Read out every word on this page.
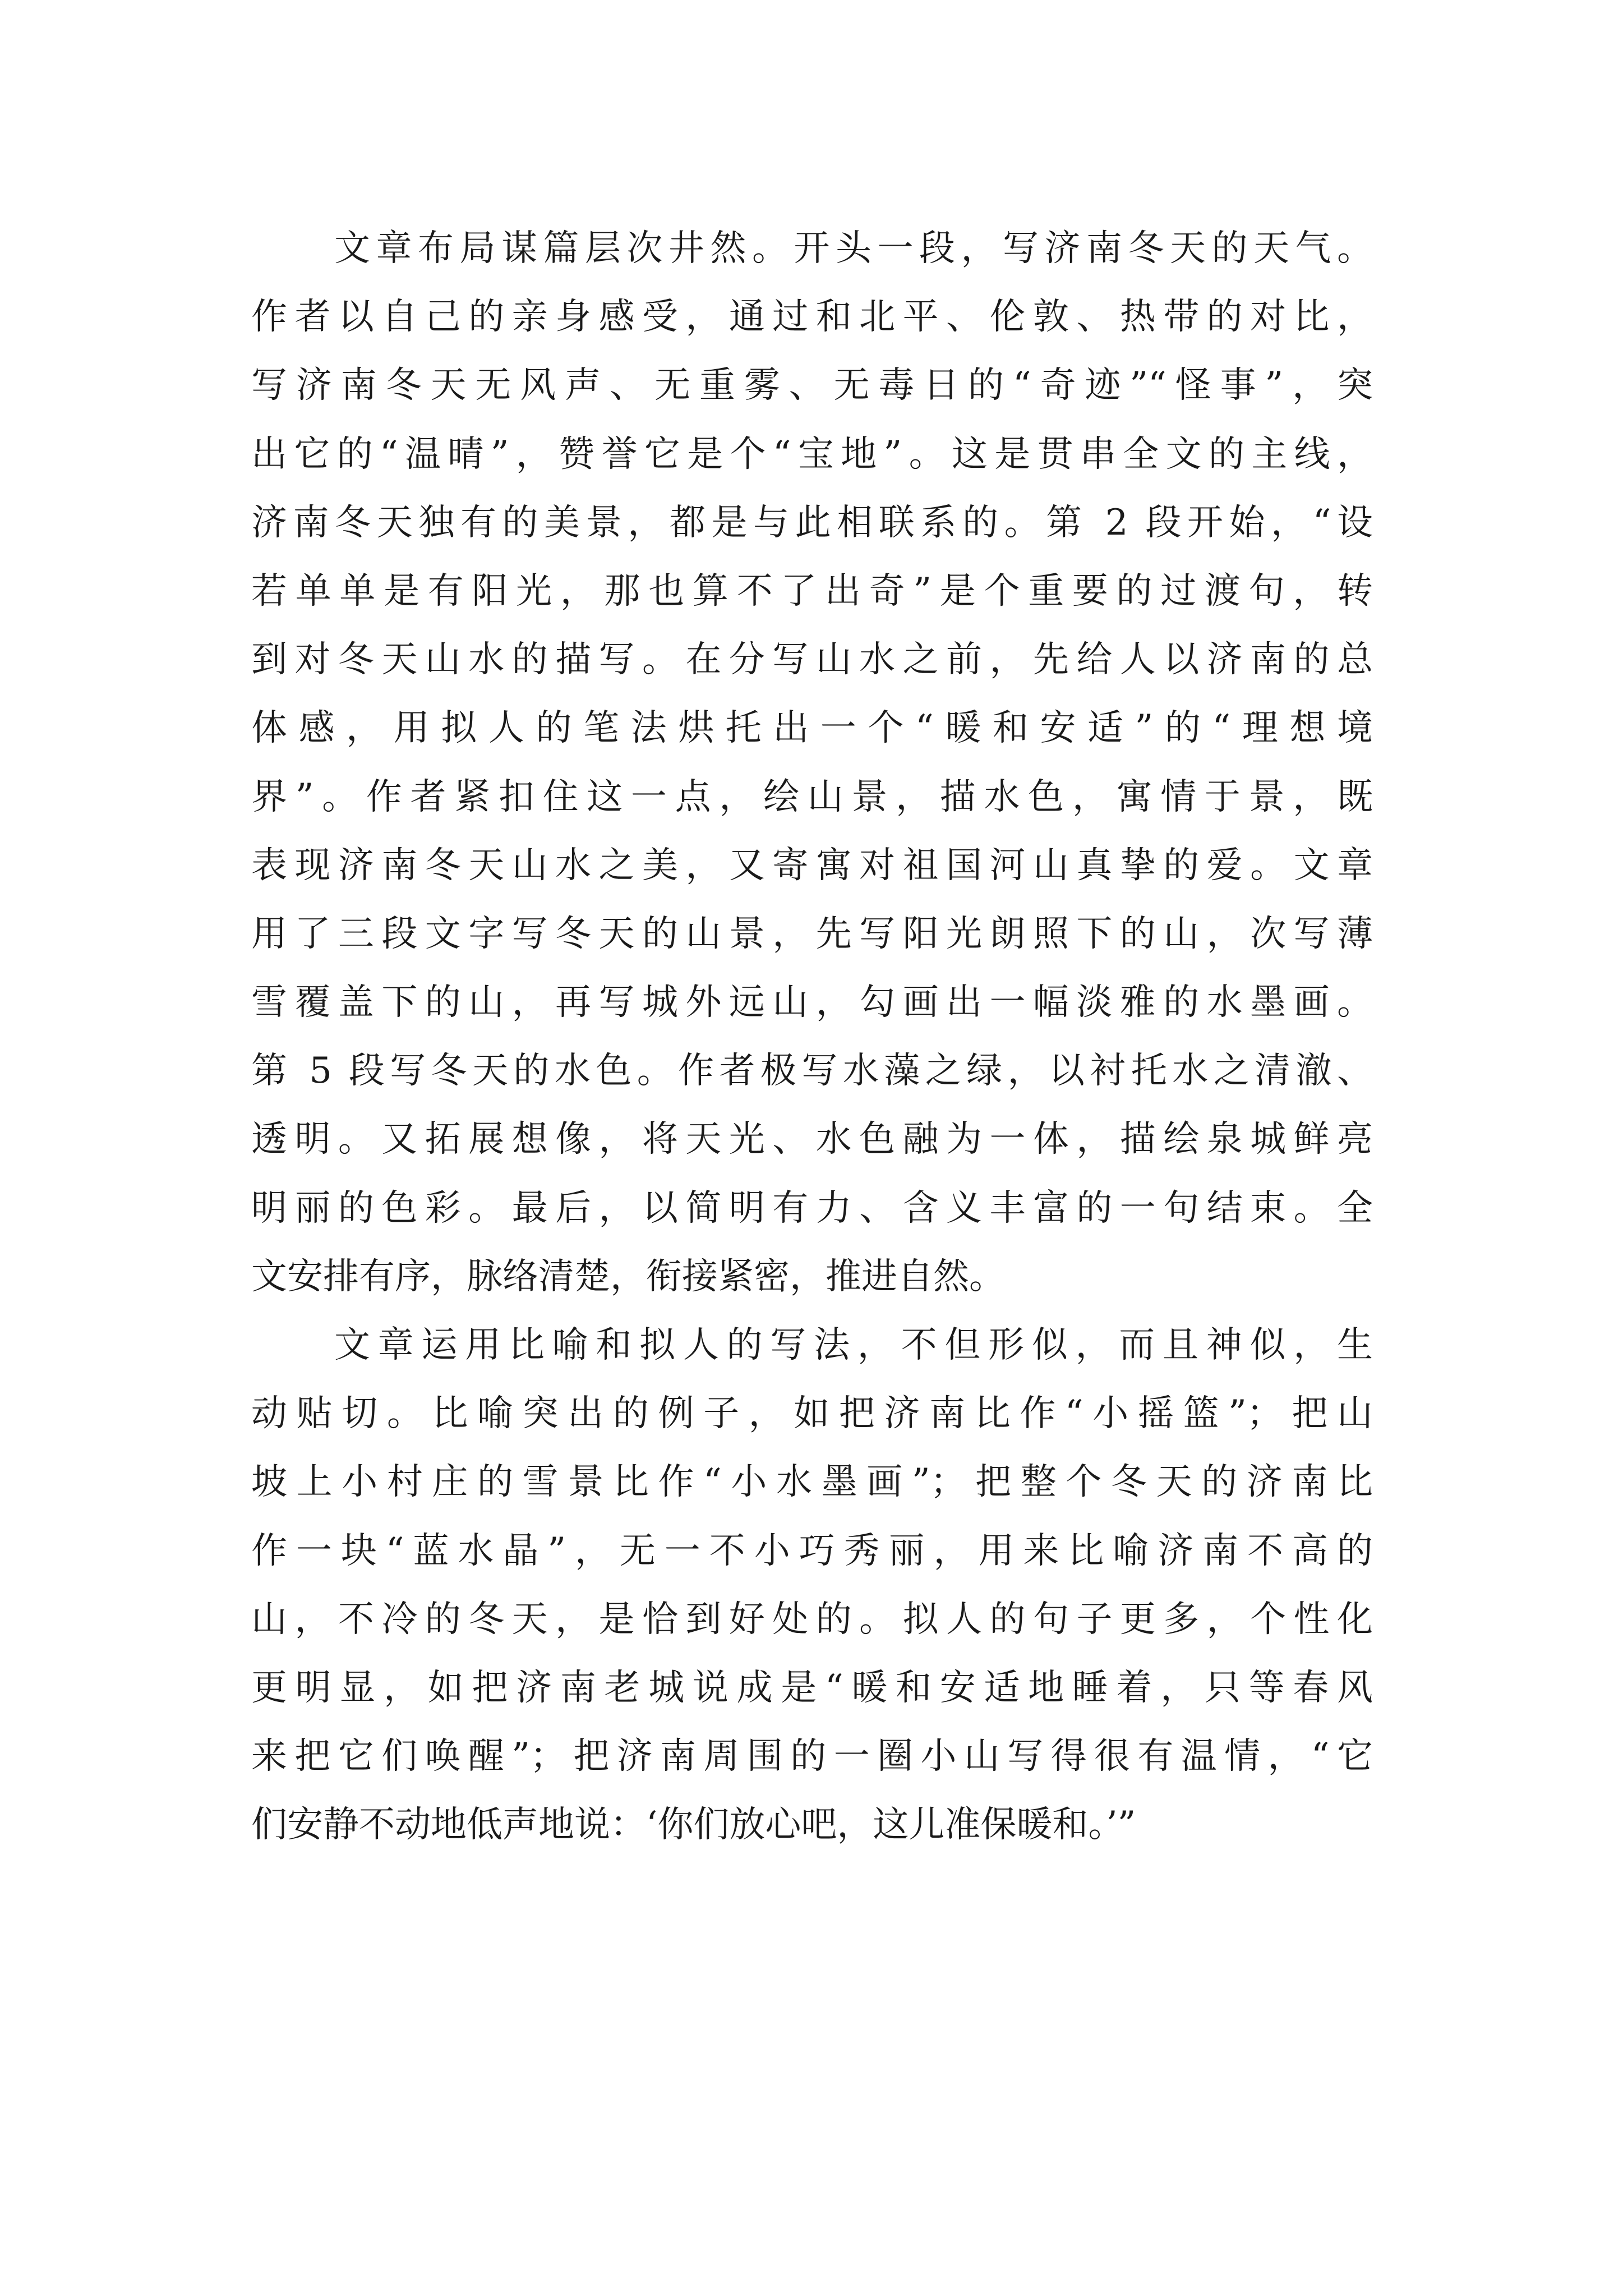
文章布局谋篇层次井然。开头一段，写济南冬天的天气。
作者以自己的亲身感受，通过和北平、伦敦、热带的对比，
写济南冬天无风声、无重雾、无毒日的“奇迹”“怪事”，突
出它的“温晴”，赞誉它是个“宝地”。这是贯串全文的主线，
济南冬天独有的美景，都是与此相联系的。第 2 段开始，“设
若单单是有阳光，那也算不了出奇”是个重要的过渡句，转
到对冬天山水的描写。在分写山水之前，先给人以济南的总
体感，用拟人的笔法烘托出一个“暖和安适”的“理想境
界”。作者紧扣住这一点，绘山景，描水色，寓情于景，既
表现济南冬天山水之美，又寄寓对祖国河山真挚的爱。文章
用了三段文字写冬天的山景，先写阳光朗照下的山，次写薄
雪覆盖下的山，再写城外远山，勾画出一幅淡雅的水墨画。
第 5 段写冬天的水色。作者极写水藻之绿，以衬托水之清澈、
透明。又拓展想像，将天光、水色融为一体，描绘泉城鲜亮
明丽的色彩。最后，以简明有力、含义丰富的一句结束。全
文安排有序，脉络清楚，衔接紧密，推进自然。
文章运用比喻和拟人的写法，不但形似，而且神似，生
动贴切。比喻突出的例子，如把济南比作“小摇篮”；把山
坡上小村庄的雪景比作“小水墨画”；把整个冬天的济南比
作一块“蓝水晶”，无一不小巧秀丽，用来比喻济南不高的
山，不冷的冬天，是恰到好处的。拟人的句子更多，个性化
更明显，如把济南老城说成是“暖和安适地睡着，只等春风
来把它们唤醒”；把济南周围的一圈小山写得很有温情，“它
们安静不动地低声地说：‘你们放心吧，这儿准保暖和。’”
